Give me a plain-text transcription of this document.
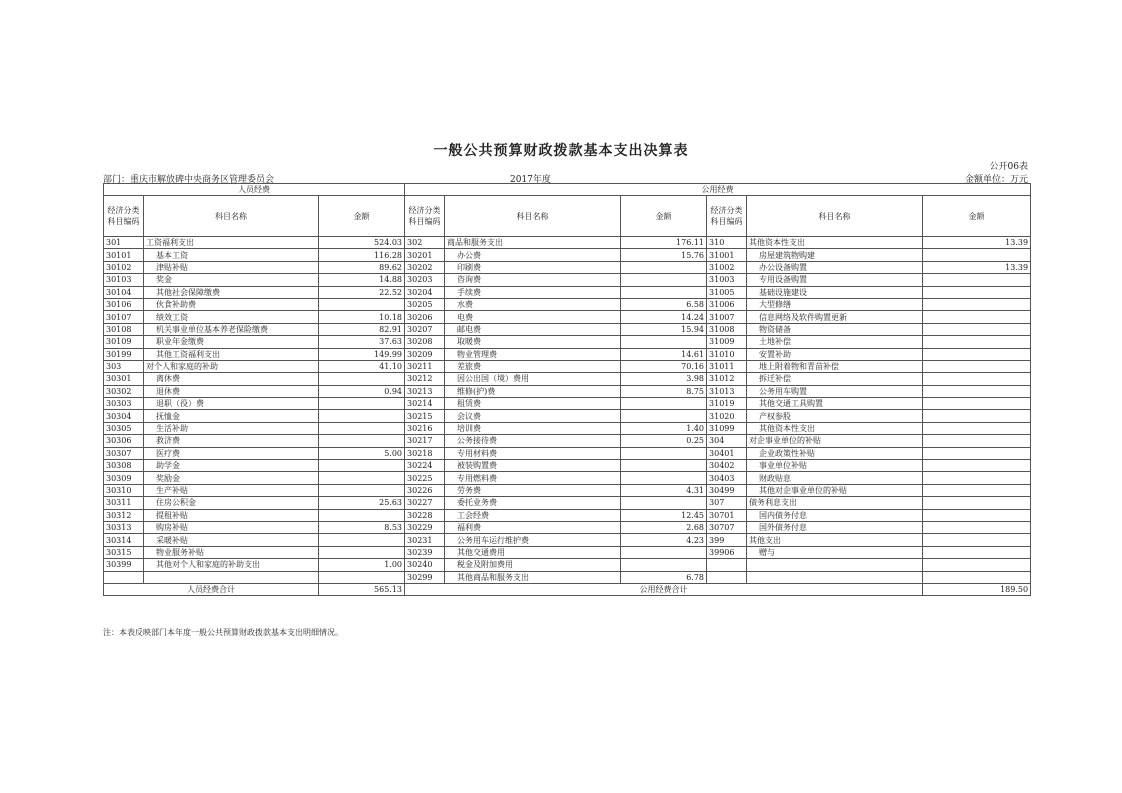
一般公共预算财政拨款基本支出决算表
公开06表
部门：重庆市解放碑中央商务区管理委员会	2017年度	金额单位：万元
人员经费			公用经费					
经济分类科目编码	科目名称	金额	经济分类科目编码	科目名称	金额	经济分类科目编码	科目名称	金额
301	工资福利支出	524.03	302	商品和服务支出	176.11	310	其他资本性支出	13.39
30101	基本工资	116.28	30201	办公费	15.76	31001	房屋建筑物购建	
30102	津贴补贴	89.62	30202	印刷费		31002	办公设备购置	13.39
30103	奖金	14.88	30203	咨询费		31003	专用设备购置	
30104	其他社会保障缴费	22.52	30204	手续费		31005	基础设施建设	
30106	伙食补助费		30205	水费	6.58	31006	大型修缮	
30107	绩效工资	10.18	30206	电费	14.24	31007	信息网络及软件购置更新	
30108	机关事业单位基本养老保险缴费	82.91	30207	邮电费	15.94	31008	物资储备	
30109	职业年金缴费	37.63	30208	取暖费		31009	土地补偿	
30199	其他工资福利支出	149.99	30209	物业管理费	14.61	31010	安置补助	
303	对个人和家庭的补助	41.10	30211	差旅费	70.16	31011	地上附着物和青苗补偿	
30301	离休费		30212	因公出国（境）费用	3.98	31012	拆迁补偿	
30302	退休费	0.94	30213	维修(护)费	8.75	31013	公务用车购置	
30303	退职（役）费		30214	租赁费		31019	其他交通工具购置	
30304	抚恤金		30215	会议费		31020	产权参股	
30305	生活补助		30216	培训费	1.40	31099	其他资本性支出	
30306	救济费		30217	公务接待费	0.25	304	对企事业单位的补贴	
30307	医疗费	5.00	30218	专用材料费		30401	企业政策性补贴	
30308	助学金		30224	被装购置费		30402	事业单位补贴	
30309	奖励金		30225	专用燃料费		30403	财政贴息	
30310	生产补贴		30226	劳务费	4.31	30499	其他对企事业单位的补贴	
30311	住房公积金	25.63	30227	委托业务费		307	债务利息支出	
30312	提租补贴		30228	工会经费	12.45	30701	国内债务付息	
30313	购房补贴	8.53	30229	福利费	2.68	30707	国外债务付息	
30314	采暖补贴		30231	公务用车运行维护费	4.23	399	其他支出	
30315	物业服务补贴		30239	其他交通费用		39906	赠与	
30399	其他对个人和家庭的补助支出	1.00	30240	税金及附加费用				
			30299	其他商品和服务支出	6.78			
人员经费合计		565.13	公用经费合计					189.50
注：本表反映部门本年度一般公共预算财政拨款基本支出明细情况。
